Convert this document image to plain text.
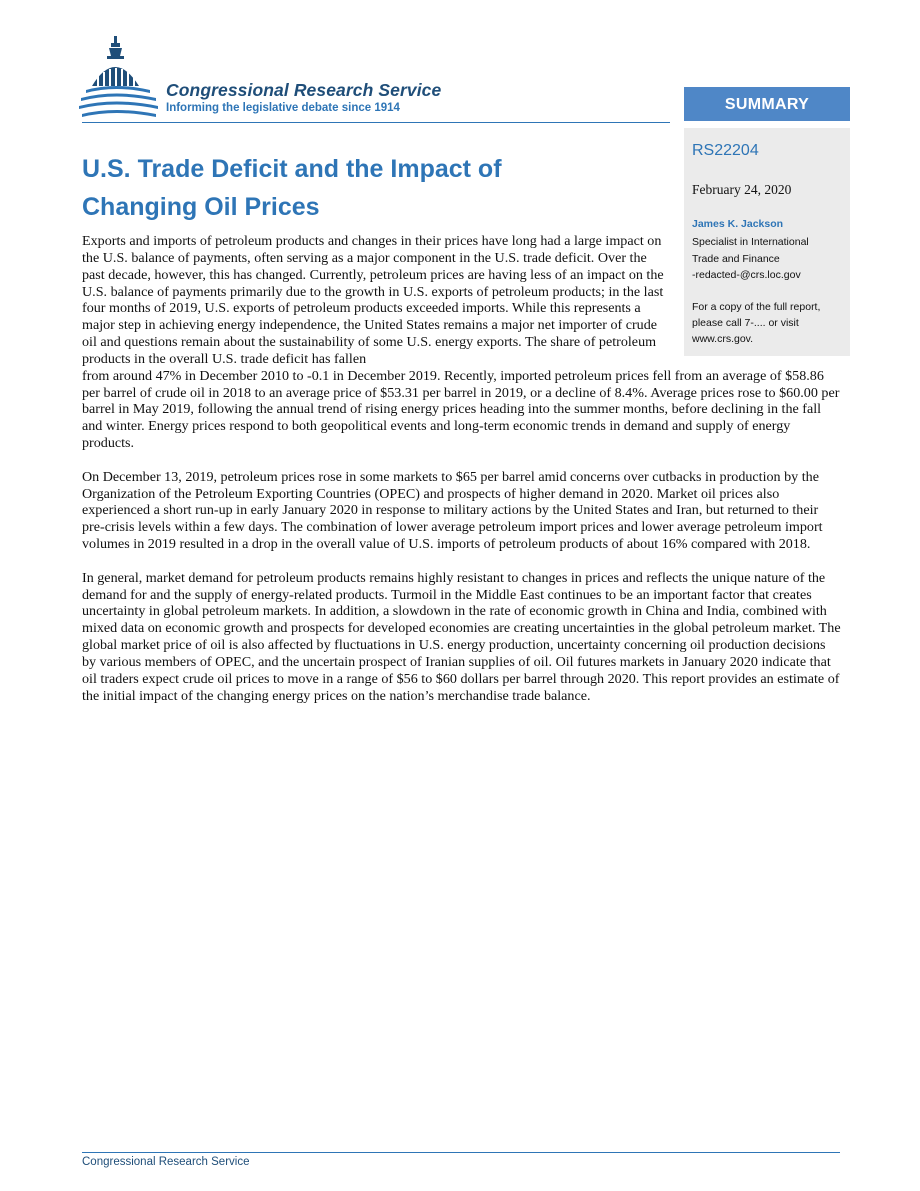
Congressional Research Service
Informing the legislative debate since 1914	SUMMARY
RS22204
February 24, 2020
James K. Jackson
Specialist in International
Trade and Finance
-redacted-@crs.loc.gov
For a copy of the full report, please call 7-.... or visit www.crs.gov.
U.S. Trade Deficit and the Impact of
Changing Oil Prices

Exports and imports of petroleum products and changes in their prices have long had a large impact on the U.S. balance of payments, often serving as a major component in the U.S. trade deficit. Over the past decade, however, this has changed. Currently, petroleum prices are having less of an impact on the U.S. balance of payments primarily due to the growth in U.S. exports of petroleum products; in the last four months of 2019, U.S. exports of petroleum products exceeded imports. While this represents a major step in achieving energy independence, the United States remains a major net importer of crude oil and questions remain about the sustainability of some U.S. energy exports. The share of petroleum products in the overall U.S. trade deficit has fallen

from around 47% in December 2010 to -0.1 in December 2019. Recently, imported petroleum prices fell from an average of $58.86 per barrel of crude oil in 2018 to an average price of $53.31 per barrel in 2019, or a decline of 8.4%. Average prices rose to $60.00 per barrel in May 2019, following the annual trend of rising energy prices heading into the summer months, before declining in the fall and winter. Energy prices respond to both geopolitical events and long-term economic trends in demand and supply of energy products.

On December 13, 2019, petroleum prices rose in some markets to $65 per barrel amid concerns over cutbacks in production by the Organization of the Petroleum Exporting Countries (OPEC) and prospects of higher demand in 2020. Market oil prices also experienced a short run-up in early January 2020 in response to military actions by the United States and Iran, but returned to their pre-crisis levels within a few days. The combination of lower average petroleum import prices and lower average petroleum import volumes in 2019 resulted in a drop in the overall value of U.S. imports of petroleum products of about 16% compared with 2018.

In general, market demand for petroleum products remains highly resistant to changes in prices and reflects the unique nature of the demand for and the supply of energy-related products. Turmoil in the Middle East continues to be an important factor that creates uncertainty in global petroleum markets. In addition, a slowdown in the rate of economic growth in China and India, combined with mixed data on economic growth and prospects for developed economies are creating uncertainties in the global petroleum market. The global market price of oil is also affected by fluctuations in U.S. energy production, uncertainty concerning oil production decisions by various members of OPEC, and the uncertain prospect of Iranian supplies of oil. Oil futures markets in January 2020 indicate that oil traders expect crude oil prices to move in a range of $56 to $60 dollars per barrel through 2020. This report provides an estimate of the initial impact of the changing energy prices on the nation’s merchandise trade balance.

Congressional Research Service
